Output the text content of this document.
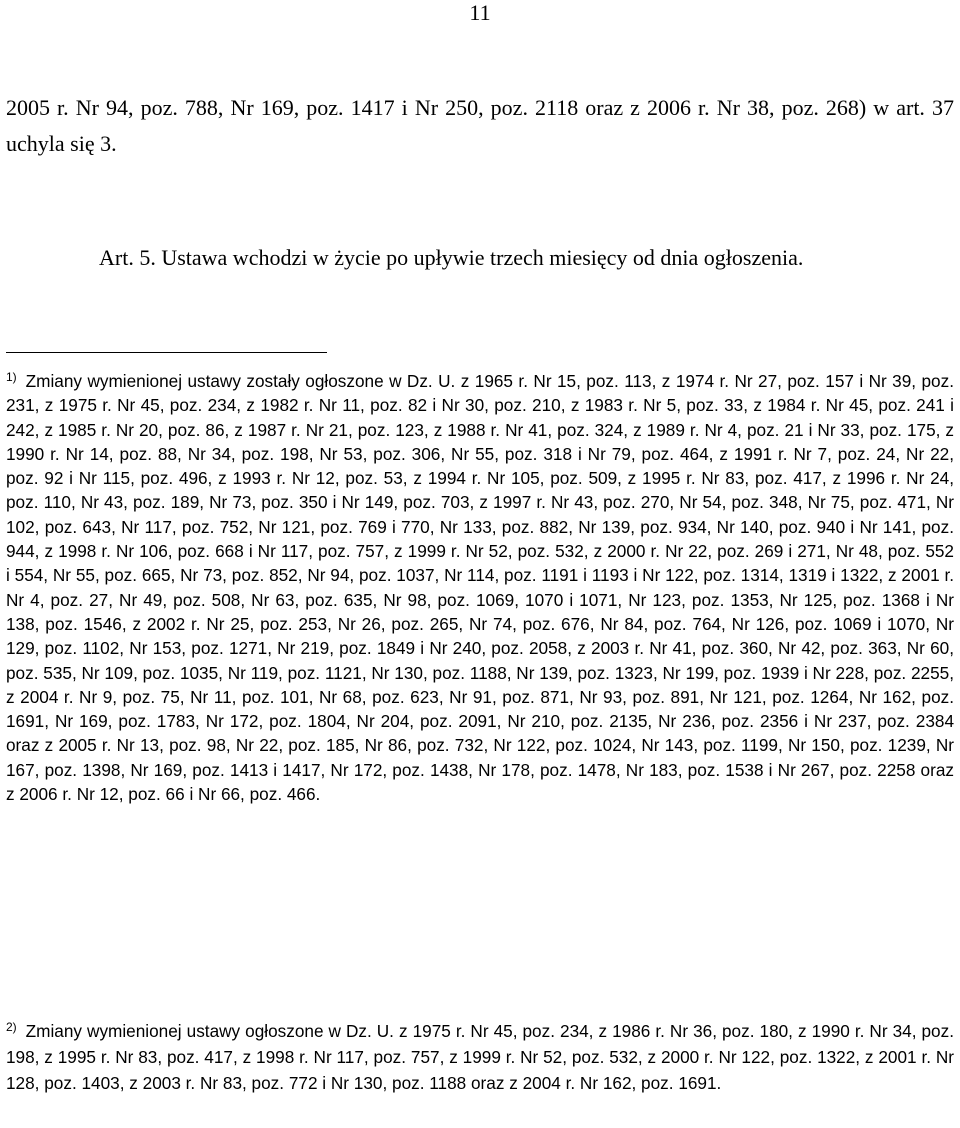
11
2005 r. Nr 94, poz. 788, Nr 169, poz. 1417 i Nr 250, poz. 2118 oraz z 2006 r. Nr 38, poz. 268) w art. 37 uchyla się 3.
Art. 5. Ustawa wchodzi w życie po upływie trzech miesięcy od dnia ogłoszenia.
$^{1)}$ Zmiany wymienionej ustawy zostały ogłoszone w Dz. U. z 1965 r. Nr 15, poz. 113, z 1974 r. Nr 27, poz. 157 i Nr 39, poz. 231, z 1975 r. Nr 45, poz. 234, z 1982 r. Nr 11, poz. 82 i Nr 30, poz. 210, z 1983 r. Nr 5, poz. 33, z 1984 r. Nr 45, poz. 241 i 242, z 1985 r. Nr 20, poz. 86, z 1987 r. Nr 21, poz. 123, z 1988 r. Nr 41, poz. 324, z 1989 r. Nr 4, poz. 21 i Nr 33, poz. 175, z 1990 r. Nr 14, poz. 88, Nr 34, poz. 198, Nr 53, poz. 306, Nr 55, poz. 318 i Nr 79, poz. 464, z 1991 r. Nr 7, poz. 24, Nr 22, poz. 92 i Nr 115, poz. 496, z 1993 r. Nr 12, poz. 53, z 1994 r. Nr 105, poz. 509, z 1995 r. Nr 83, poz. 417, z 1996 r. Nr 24, poz. 110, Nr 43, poz. 189, Nr 73, poz. 350 i Nr 149, poz. 703, z 1997 r. Nr 43, poz. 270, Nr 54, poz. 348, Nr 75, poz. 471, Nr 102, poz. 643, Nr 117, poz. 752, Nr 121, poz. 769 i 770, Nr 133, poz. 882, Nr 139, poz. 934, Nr 140, poz. 940 i Nr 141, poz. 944, z 1998 r. Nr 106, poz. 668 i Nr 117, poz. 757, z 1999 r. Nr 52, poz. 532, z 2000 r. Nr 22, poz. 269 i 271, Nr 48, poz. 552 i 554, Nr 55, poz. 665, Nr 73, poz. 852, Nr 94, poz. 1037, Nr 114, poz. 1191 i 1193 i Nr 122, poz. 1314, 1319 i 1322, z 2001 r. Nr 4, poz. 27, Nr 49, poz. 508, Nr 63, poz. 635, Nr 98, poz. 1069, 1070 i 1071, Nr 123, poz. 1353, Nr 125, poz. 1368 i Nr 138, poz. 1546, z 2002 r. Nr 25, poz. 253, Nr 26, poz. 265, Nr 74, poz. 676, Nr 84, poz. 764, Nr 126, poz. 1069 i 1070, Nr 129, poz. 1102, Nr 153, poz. 1271, Nr 219, poz. 1849 i Nr 240, poz. 2058, z 2003 r. Nr 41, poz. 360, Nr 42, poz. 363, Nr 60, poz. 535, Nr 109, poz. 1035, Nr 119, poz. 1121, Nr 130, poz. 1188, Nr 139, poz. 1323, Nr 199, poz. 1939 i Nr 228, poz. 2255, z 2004 r. Nr 9, poz. 75, Nr 11, poz. 101, Nr 68, poz. 623, Nr 91, poz. 871, Nr 93, poz. 891, Nr 121, poz. 1264, Nr 162, poz. 1691, Nr 169, poz. 1783, Nr 172, poz. 1804, Nr 204, poz. 2091, Nr 210, poz. 2135, Nr 236, poz. 2356 i Nr 237, poz. 2384 oraz z 2005 r. Nr 13, poz. 98, Nr 22, poz. 185, Nr 86, poz. 732, Nr 122, poz. 1024, Nr 143, poz. 1199, Nr 150, poz. 1239, Nr 167, poz. 1398, Nr 169, poz. 1413 i 1417, Nr 172, poz. 1438, Nr 178, poz. 1478, Nr 183, poz. 1538 i Nr 267, poz. 2258 oraz z 2006 r. Nr 12, poz. 66 i Nr 66, poz. 466.
$^{2)}$ Zmiany wymienionej ustawy ogłoszone w Dz. U. z 1975 r. Nr 45, poz. 234, z 1986 r. Nr 36, poz. 180, z 1990 r. Nr 34, poz. 198, z 1995 r. Nr 83, poz. 417, z 1998 r. Nr 117, poz. 757, z 1999 r. Nr 52, poz. 532, z 2000 r. Nr 122, poz. 1322, z 2001 r. Nr 128, poz. 1403, z 2003 r. Nr 83, poz. 772 i Nr 130, poz. 1188 oraz z 2004 r. Nr 162, poz. 1691.
